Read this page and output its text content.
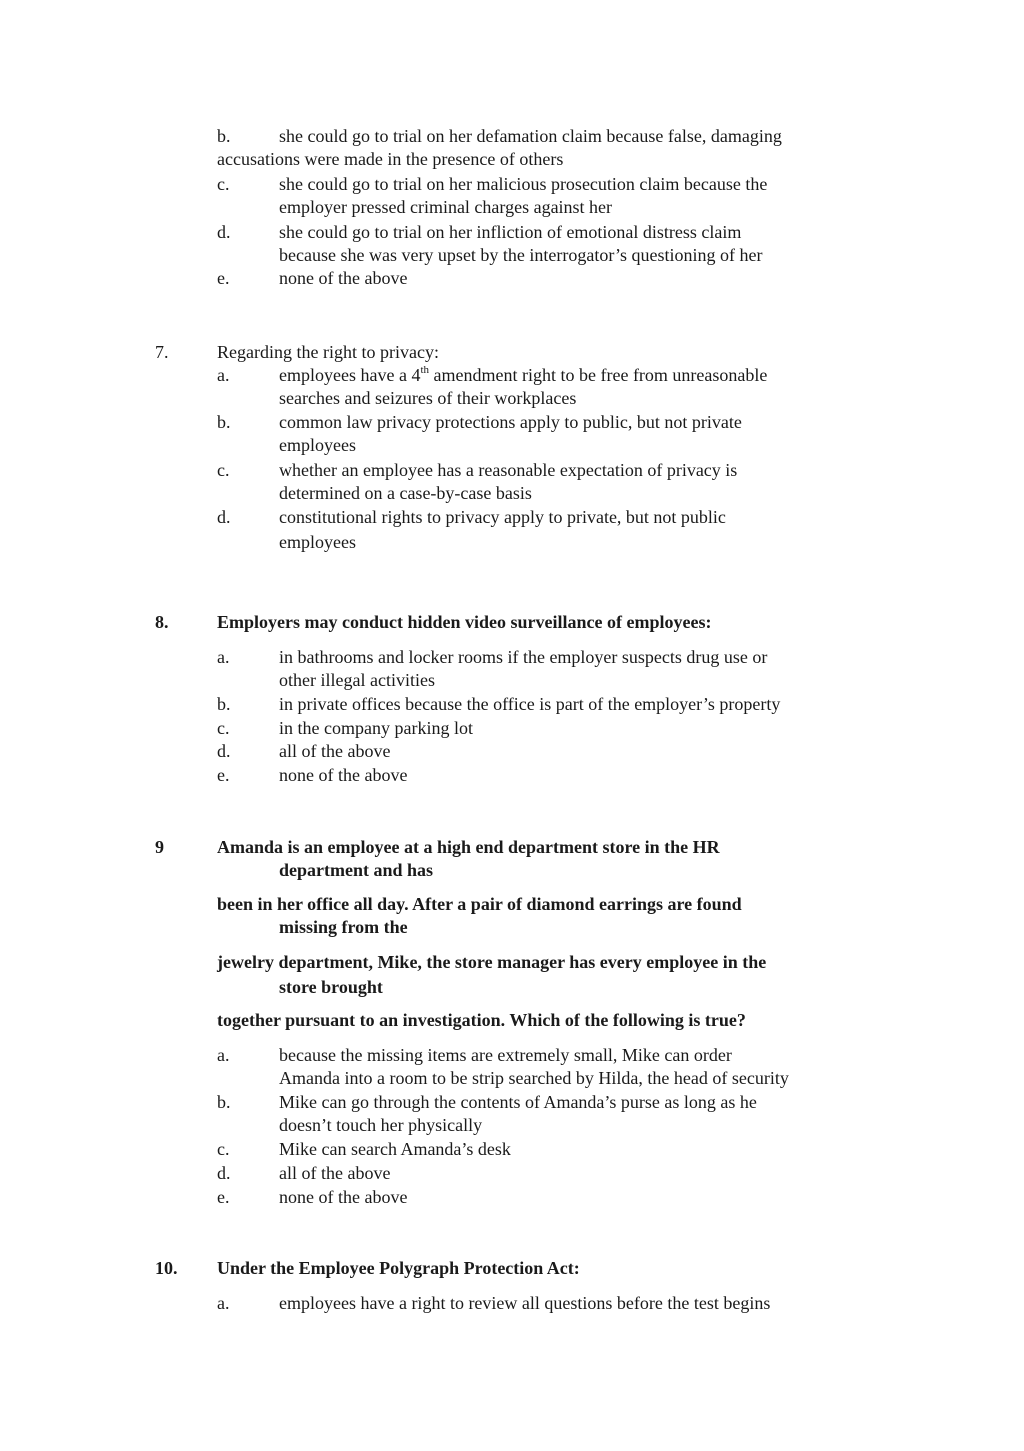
b.	she could go to trial on her defamation claim because false, damaging
accusations were made in the presence of others
c.	she could go to trial on her malicious prosecution claim because the
employer pressed criminal charges against her
d.	she could go to trial on her infliction of emotional distress claim
because she was very upset by the interrogator’s questioning of her
e.	none of the above
7.	Regarding the right to privacy:
a.	employees have a 4th amendment right to be free from unreasonable
searches and seizures of their workplaces
b.	common law privacy protections apply to public, but not private
employees
c.	whether an employee has a reasonable expectation of privacy is
determined on a case-by-case basis
d.	constitutional rights to privacy apply to private, but not public
employees
8.	Employers may conduct hidden video surveillance of employees:
a.	in bathrooms and locker rooms if the employer suspects drug use or
other illegal activities
b.	in private offices because the office is part of the employer’s property
c.	in the company parking lot
d.	all of the above
e.	none of the above
9	Amanda is an employee at a high end department store in the HR
department and has
been in her office all day. After a pair of diamond earrings are found
missing from the
jewelry department, Mike, the store manager has every employee in the
store brought
together pursuant to an investigation. Which of the following is true?
a.	because the missing items are extremely small, Mike can order
Amanda into a room to be strip searched by Hilda, the head of security
b.	Mike can go through the contents of Amanda’s purse as long as he
doesn’t touch her physically
c.	Mike can search Amanda’s desk
d.	all of the above
e.	none of the above
10. Under the Employee Polygraph Protection Act:
a.	employees have a right to review all questions before the test begins
